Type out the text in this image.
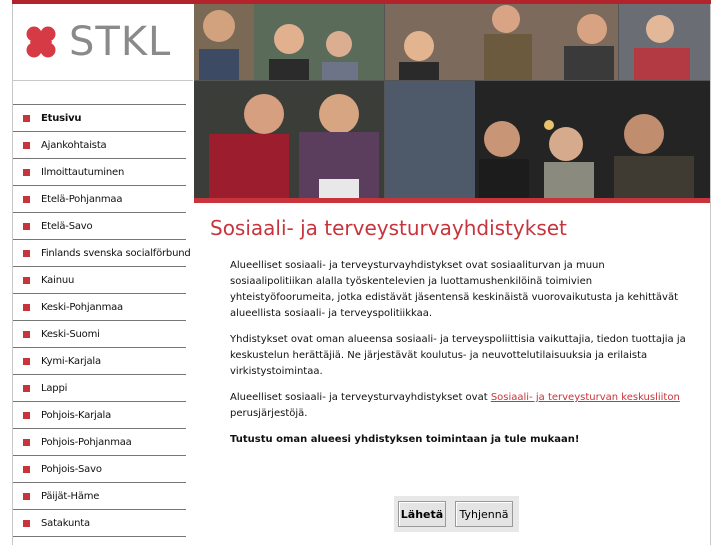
STKL
Etusivu
Ajankohtaista
Ilmoittautuminen
Etelä-Pohjanmaa
Etelä-Savo
Finlands svenska socialförbund
Kainuu
Keski-Pohjanmaa
Keski-Suomi
Kymi-Karjala
Lappi
Pohjois-Karjala
Pohjois-Pohjanmaa
Pohjois-Savo
Päijät-Häme
Satakunta
Sosiaali- ja terveysturvayhdistykset

Alueelliset sosiaali- ja terveysturvayhdistykset ovat sosiaaliturvan ja muun sosiaalipolitiikan alalla työskentelevien ja luottamushenkilöinä toimivien yhteistyöfoorumeita, jotka edistävät jäsentensä keskinäistä vuorovaikutusta ja kehittävät alueellista sosiaali- ja terveyspolitiikkaa.

Yhdistykset ovat oman alueensa sosiaali- ja terveyspoliittisia vaikuttajia, tiedon tuottajia ja keskustelun herättäjiä. Ne järjestävät koulutus- ja neuvottelutilaisuuksia ja erilaista virkistystoimintaa.

Alueelliset sosiaali- ja terveysturvayhdistykset ovat Sosiaali- ja terveysturvan keskusliiton
perusjärjestöjä.

Tutustu oman alueesi yhdistyksen toimintaan ja tule mukaan!

Lähetä	Tyhjennä
